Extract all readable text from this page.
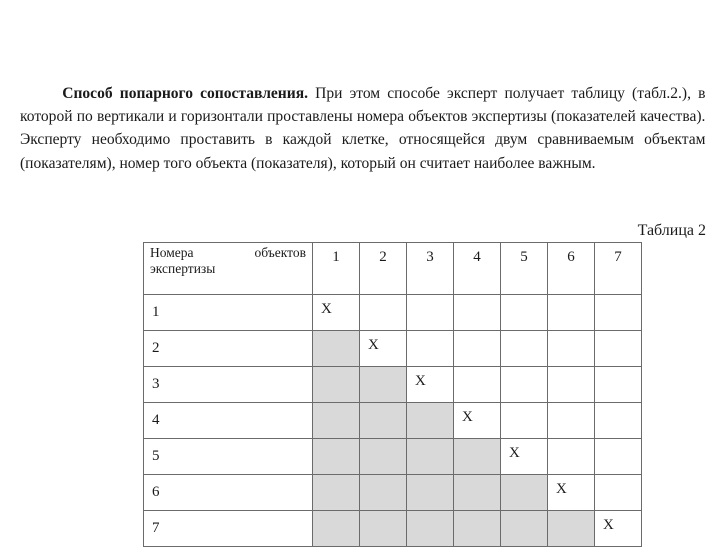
Способ попарного сопоставления. При этом способе эксперт получает таблицу (табл.2.), в которой по вертикали и горизонтали проставлены номера объектов экспертизы (показателей качества). Эксперту необходимо проставить в каждой клетке, относящейся двум сравниваемым объектам (показателям), номер того объекта (показателя), который он считает наиболее важным.
Таблица 2
Номера объектов
экспертизы	1	2	3	4	5	6	7
1	Х						
2		Х					
3			Х				
4				Х			
5					Х		
6						Х	
7							Х
